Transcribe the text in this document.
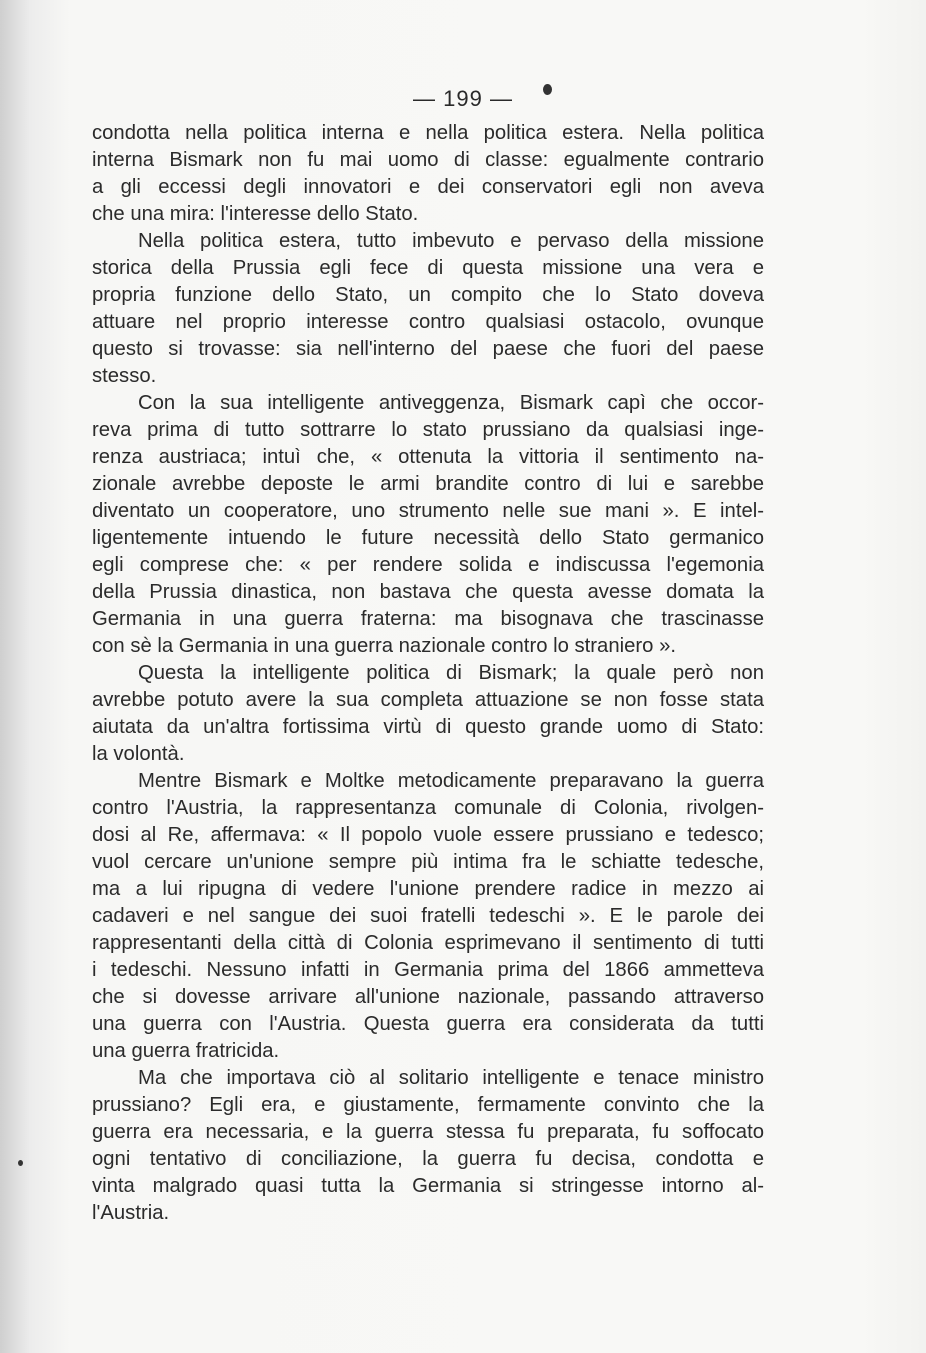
— 199 —
condotta nella politica interna e nella politica estera. Nella politica
interna Bismark non fu mai uomo di classe: egualmente contrario
a gli eccessi degli innovatori e dei conservatori egli non aveva
che una mira: l'interesse dello Stato.
Nella politica estera, tutto imbevuto e pervaso della missione
storica della Prussia egli fece di questa missione una vera e
propria funzione dello Stato, un compito che lo Stato doveva
attuare nel proprio interesse contro qualsiasi ostacolo, ovunque
questo si trovasse: sia nell'interno del paese che fuori del paese
stesso.
Con la sua intelligente antiveggenza, Bismark capì che occor-
reva prima di tutto sottrarre lo stato prussiano da qualsiasi inge-
renza austriaca; intuì che, « ottenuta la vittoria il sentimento na-
zionale avrebbe deposte le armi brandite contro di lui e sarebbe
diventato un cooperatore, uno strumento nelle sue mani ». E intel-
ligentemente intuendo le future necessità dello Stato germanico
egli comprese che: « per rendere solida e indiscussa l'egemonia
della Prussia dinastica, non bastava che questa avesse domata la
Germania in una guerra fraterna: ma bisognava che trascinasse
con sè la Germania in una guerra nazionale contro lo straniero ».
Questa la intelligente politica di Bismark; la quale però non
avrebbe potuto avere la sua completa attuazione se non fosse stata
aiutata da un'altra fortissima virtù di questo grande uomo di Stato:
la volontà.
Mentre Bismark e Moltke metodicamente preparavano la guerra
contro l'Austria, la rappresentanza comunale di Colonia, rivolgen-
dosi al Re, affermava: « Il popolo vuole essere prussiano e tedesco;
vuol cercare un'unione sempre più intima fra le schiatte tedesche,
ma a lui ripugna di vedere l'unione prendere radice in mezzo ai
cadaveri e nel sangue dei suoi fratelli tedeschi ». E le parole dei
rappresentanti della città di Colonia esprimevano il sentimento di tutti
i tedeschi. Nessuno infatti in Germania prima del 1866 ammetteva
che si dovesse arrivare all'unione nazionale, passando attraverso
una guerra con l'Austria. Questa guerra era considerata da tutti
una guerra fratricida.
Ma che importava ciò al solitario intelligente e tenace ministro
prussiano? Egli era, e giustamente, fermamente convinto che la
guerra era necessaria, e la guerra stessa fu preparata, fu soffocato
ogni tentativo di conciliazione, la guerra fu decisa, condotta e
vinta malgrado quasi tutta la Germania si stringesse intorno al-
l'Austria.
